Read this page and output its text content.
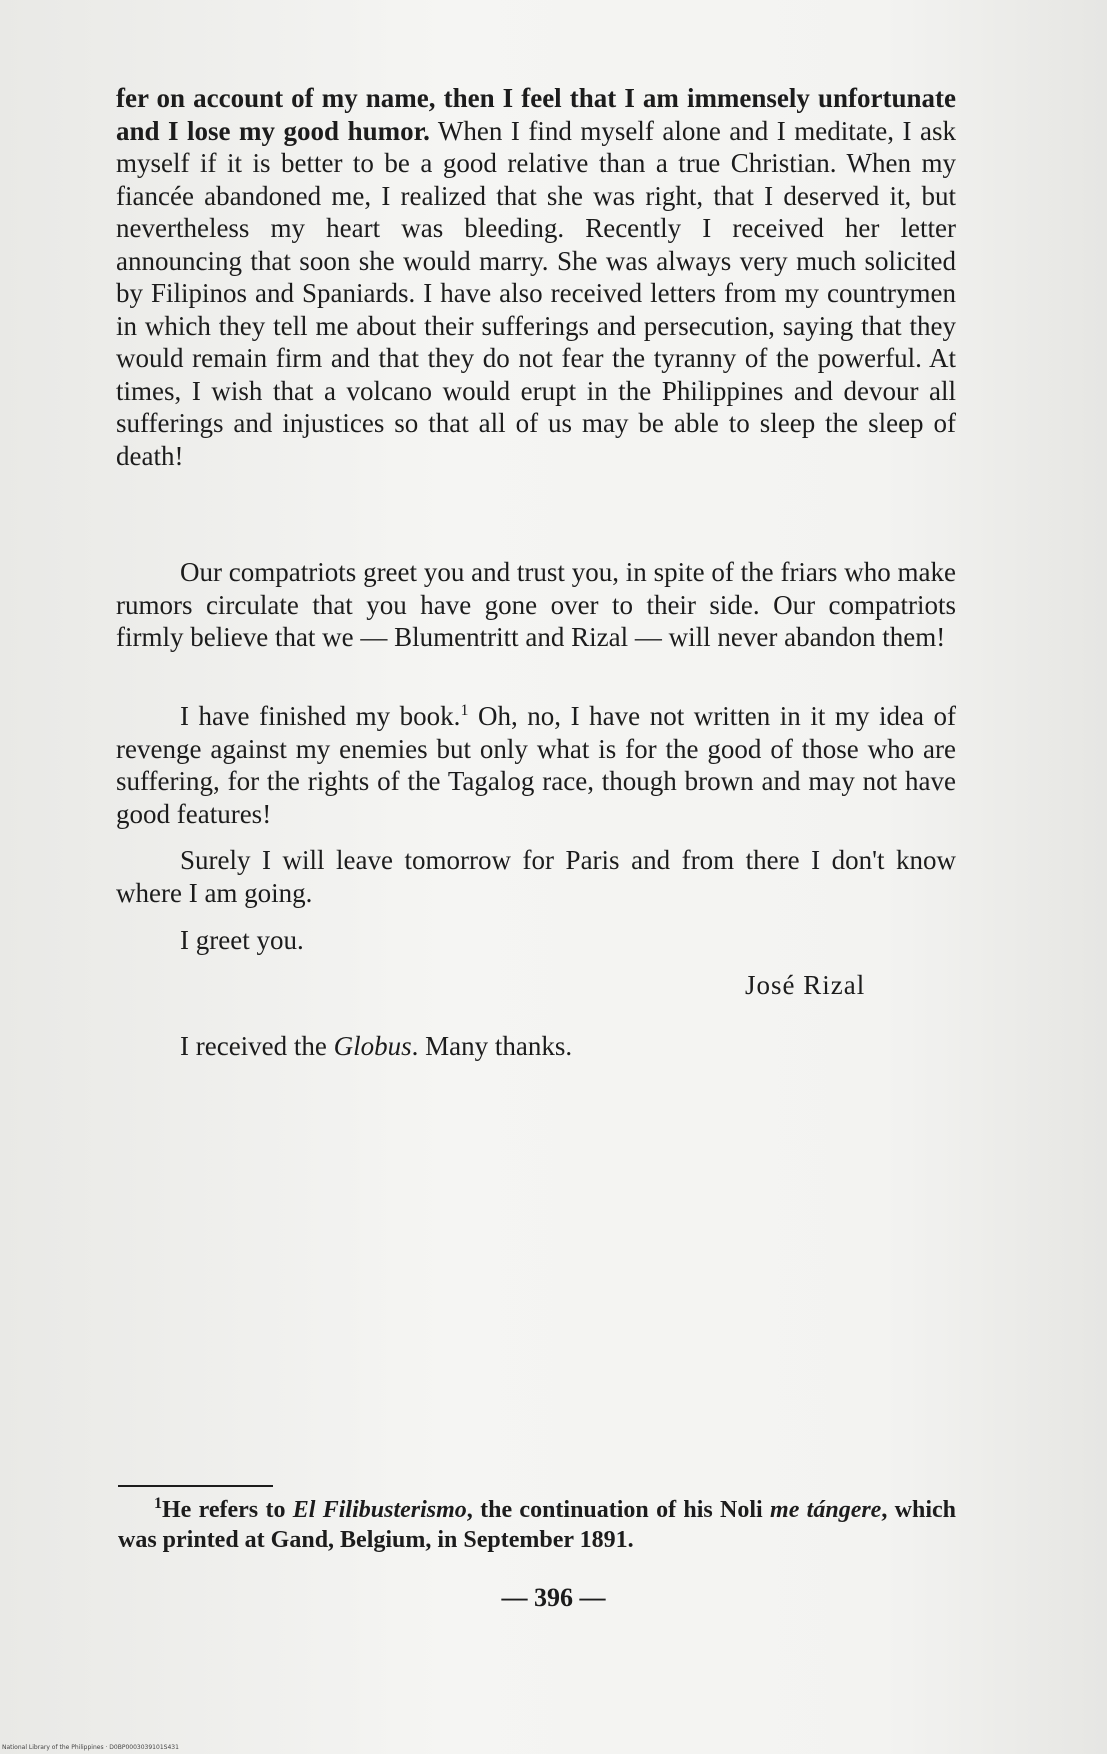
fer on account of my name, then I feel that I am immensely unfortunate and I lose my good humor. When I find myself alone and I meditate, I ask myself if it is better to be a good relative than a true Christian. When my fiancée abandoned me, I realized that she was right, that I deserved it, but nevertheless my heart was bleeding. Recently I received her letter announcing that soon she would marry. She was always very much solicited by Filipinos and Spaniards. I have also received letters from my countrymen in which they tell me about their sufferings and persecution, saying that they would remain firm and that they do not fear the tyranny of the powerful. At times, I wish that a volcano would erupt in the Philippines and devour all sufferings and injustices so that all of us may be able to sleep the sleep of death!

Our compatriots greet you and trust you, in spite of the friars who make rumors circulate that you have gone over to their side. Our compatriots firmly believe that we — Blumentritt and Rizal — will never abandon them!

I have finished my book.$^1$ Oh, no, I have not written in it my idea of revenge against my enemies but only what is for the good of those who are suffering, for the rights of the Tagalog race, though brown and may not have good features!

Surely I will leave tomorrow for Paris and from there I don't know where I am going.

I greet you.

José Rizal

I received the Globus. Many thanks.

$^1$He refers to El Filibusterismo, the continuation of his Noli me tángere, which was printed at Gand, Belgium, in September 1891.

— 396 —
National Library of the Philippines · D0BP0003039101S431
